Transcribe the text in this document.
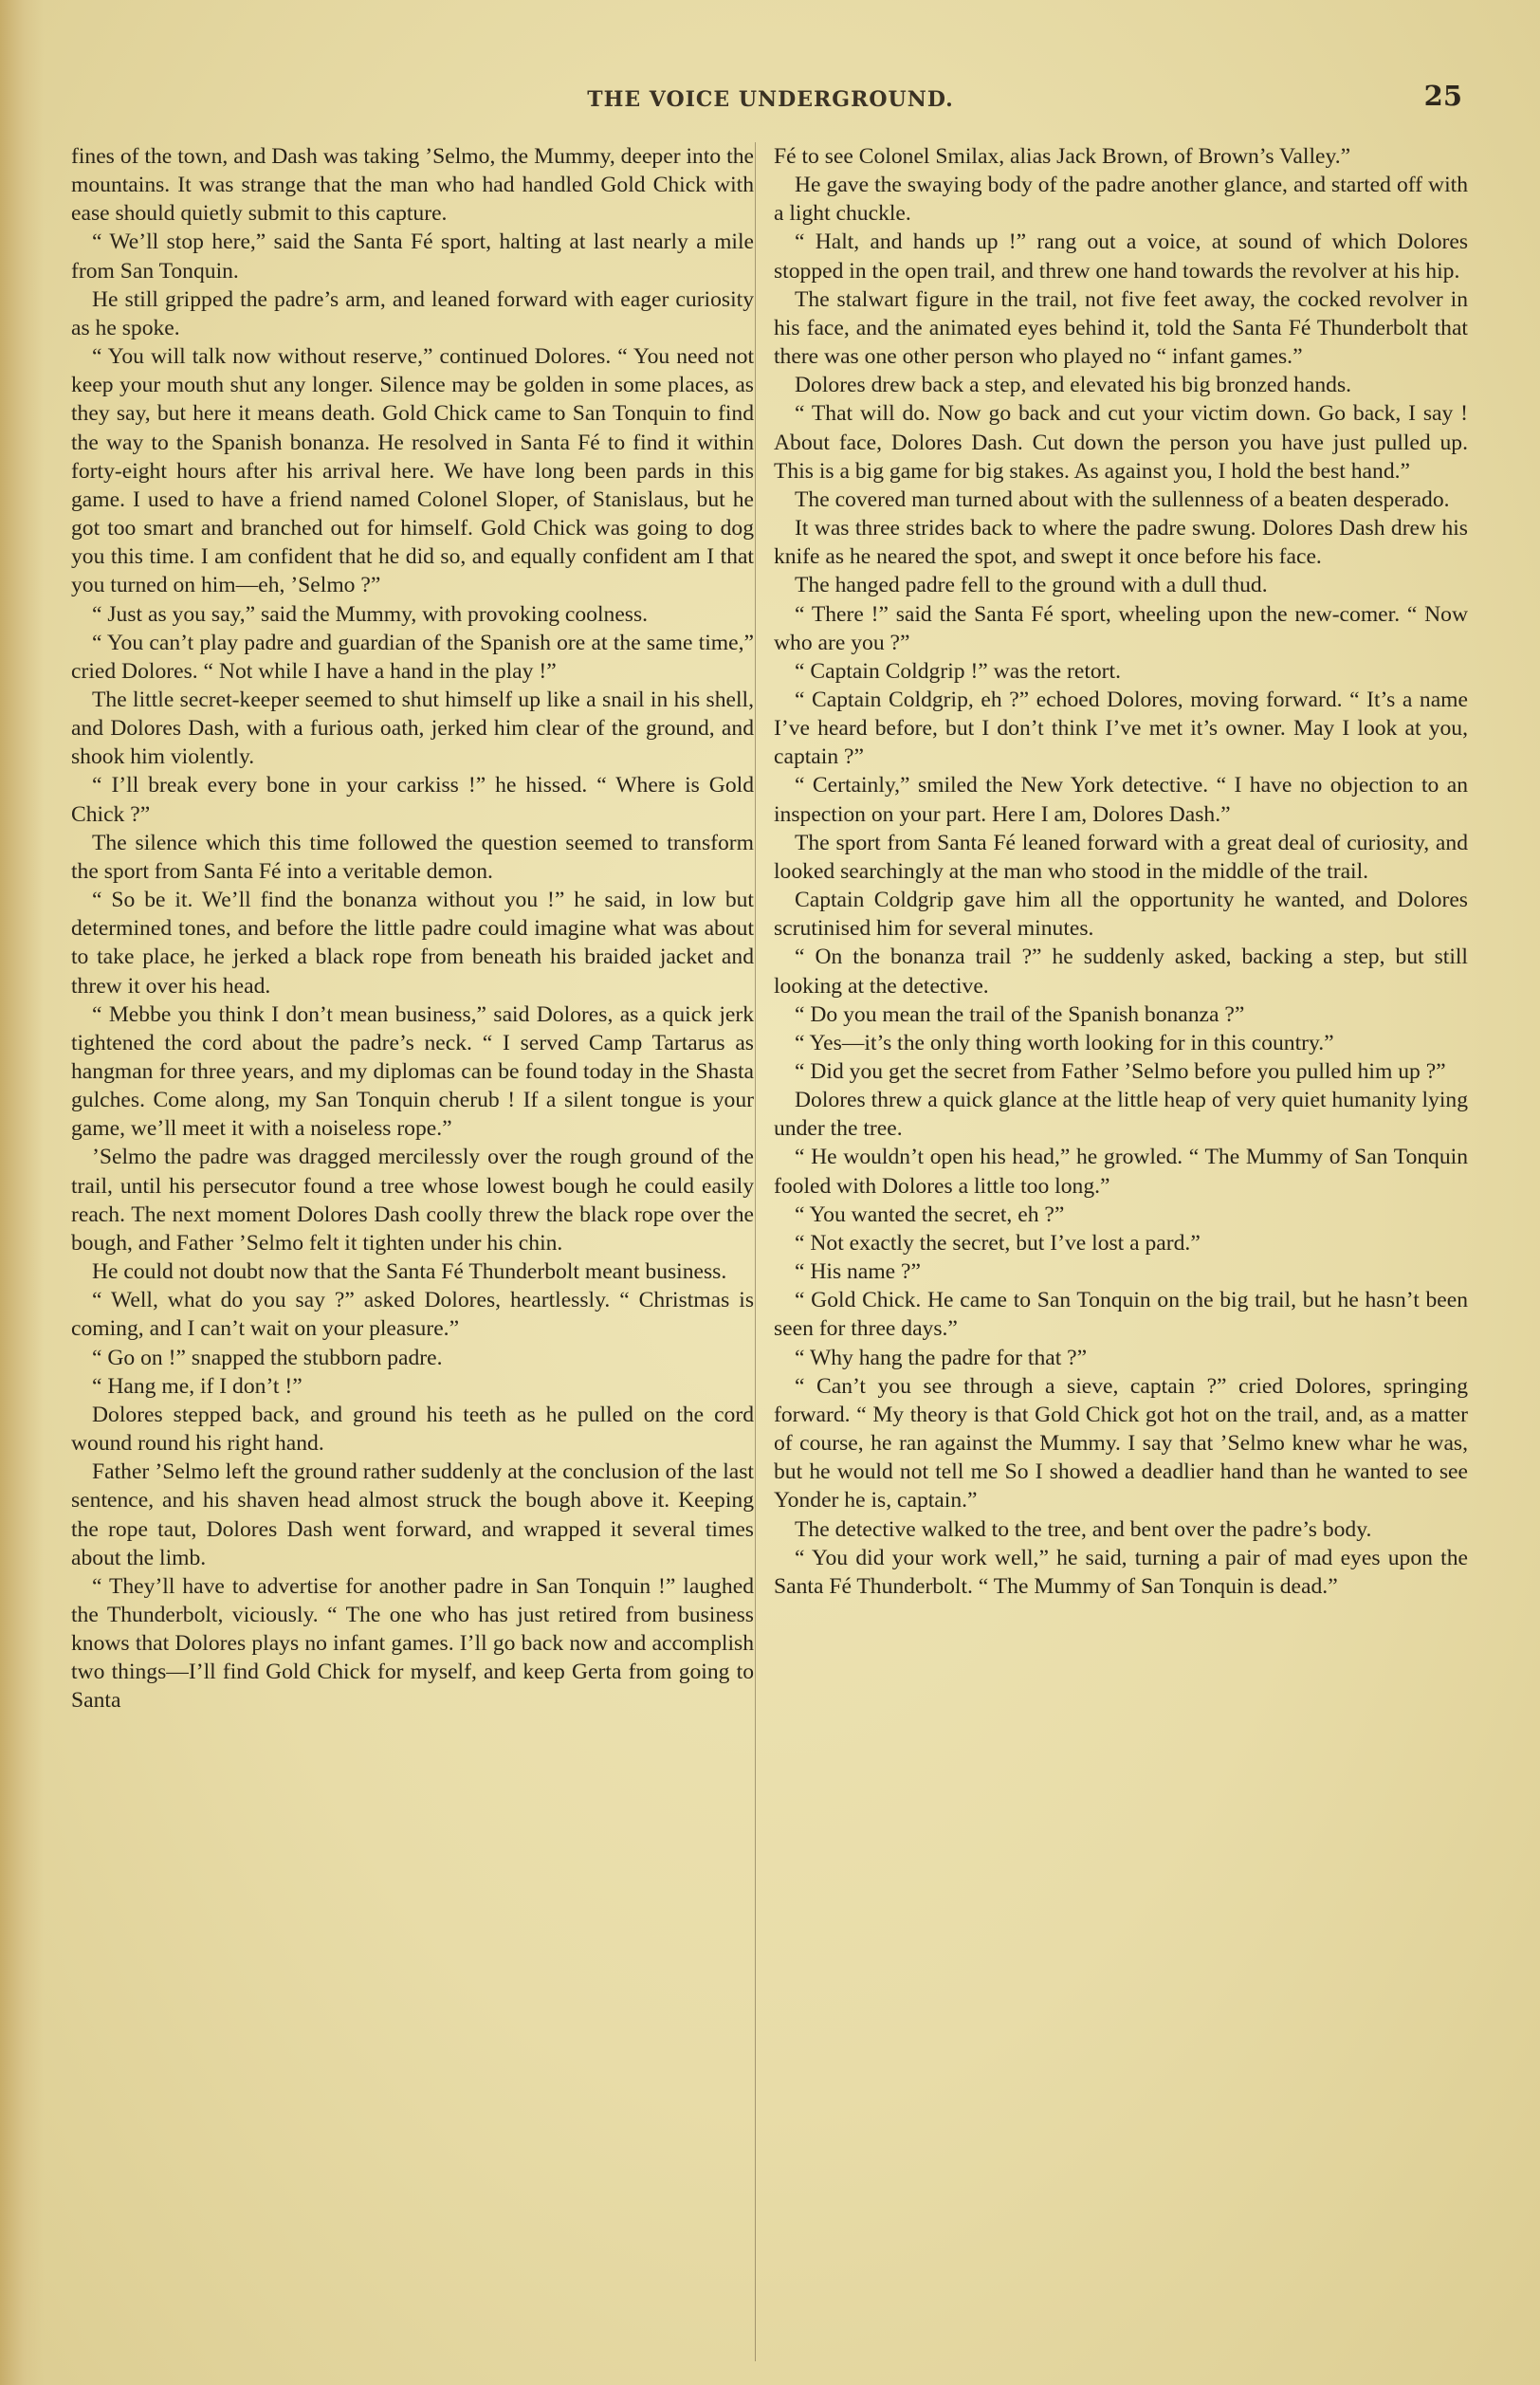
THE VOICE UNDERGROUND.	25

fines of the town, and Dash was taking ’Selmo, the Mummy, deeper into the mountains. It was strange that the man who had handled Gold Chick with ease should quietly submit to this capture.

“ We’ll stop here,” said the Santa Fé sport, halting at last nearly a mile from San Tonquin.

He still gripped the padre’s arm, and leaned forward with eager curiosity as he spoke.

“ You will talk now without reserve,” continued Dolores. “ You need not keep your mouth shut any longer. Silence may be golden in some places, as they say, but here it means death. Gold Chick came to San Tonquin to find the way to the Spanish bonanza. He resolved in Santa Fé to find it within forty-eight hours after his arrival here. We have long been pards in this game. I used to have a friend named Colonel Sloper, of Stanislaus, but he got too smart and branched out for himself. Gold Chick was going to dog you this time. I am confident that he did so, and equally confident am I that you turned on him—eh, ’Selmo ?”

“ Just as you say,” said the Mummy, with provoking coolness.

“ You can’t play padre and guardian of the Spanish ore at the same time,” cried Dolores. “ Not while I have a hand in the play !”

The little secret-keeper seemed to shut himself up like a snail in his shell, and Dolores Dash, with a furious oath, jerked him clear of the ground, and shook him violently.

“ I’ll break every bone in your carkiss !” he hissed. “ Where is Gold Chick ?”

The silence which this time followed the question seemed to transform the sport from Santa Fé into a veritable demon.

“ So be it. We’ll find the bonanza without you !” he said, in low but determined tones, and before the little padre could imagine what was about to take place, he jerked a black rope from beneath his braided jacket and threw it over his head.

“ Mebbe you think I don’t mean business,” said Dolores, as a quick jerk tightened the cord about the padre’s neck. “ I served Camp Tartarus as hangman for three years, and my diplomas can be found today in the Shasta gulches. Come along, my San Tonquin cherub ! If a silent tongue is your game, we’ll meet it with a noiseless rope.”

’Selmo the padre was dragged mercilessly over the rough ground of the trail, until his persecutor found a tree whose lowest bough he could easily reach. The next moment Dolores Dash coolly threw the black rope over the bough, and Father ’Selmo felt it tighten under his chin.

He could not doubt now that the Santa Fé Thunderbolt meant business.

“ Well, what do you say ?” asked Dolores, heartlessly. “ Christmas is coming, and I can’t wait on your pleasure.”

“ Go on !” snapped the stubborn padre.

“ Hang me, if I don’t !”

Dolores stepped back, and ground his teeth as he pulled on the cord wound round his right hand.

Father ’Selmo left the ground rather suddenly at the conclusion of the last sentence, and his shaven head almost struck the bough above it. Keeping the rope taut, Dolores Dash went forward, and wrapped it several times about the limb.

“ They’ll have to advertise for another padre in San Tonquin !” laughed the Thunderbolt, viciously. “ The one who has just retired from business knows that Dolores plays no infant games. I’ll go back now and accomplish two things—I’ll find Gold Chick for myself, and keep Gerta from going to Santa

Fé to see Colonel Smilax, alias Jack Brown, of Brown’s Valley.”

He gave the swaying body of the padre another glance, and started off with a light chuckle.

“ Halt, and hands up !” rang out a voice, at sound of which Dolores stopped in the open trail, and threw one hand towards the revolver at his hip.

The stalwart figure in the trail, not five feet away, the cocked revolver in his face, and the animated eyes behind it, told the Santa Fé Thunderbolt that there was one other person who played no “ infant games.”

Dolores drew back a step, and elevated his big bronzed hands.

“ That will do. Now go back and cut your victim down. Go back, I say ! About face, Dolores Dash. Cut down the person you have just pulled up. This is a big game for big stakes. As against you, I hold the best hand.”

The covered man turned about with the sullenness of a beaten desperado.

It was three strides back to where the padre swung. Dolores Dash drew his knife as he neared the spot, and swept it once before his face.

The hanged padre fell to the ground with a dull thud.

“ There !” said the Santa Fé sport, wheeling upon the new-comer. “ Now who are you ?”

“ Captain Coldgrip !” was the retort.

“ Captain Coldgrip, eh ?” echoed Dolores, moving forward. “ It’s a name I’ve heard before, but I don’t think I’ve met it’s owner. May I look at you, captain ?”

“ Certainly,” smiled the New York detective. “ I have no objection to an inspection on your part. Here I am, Dolores Dash.”

The sport from Santa Fé leaned forward with a great deal of curiosity, and looked searchingly at the man who stood in the middle of the trail.

Captain Coldgrip gave him all the opportunity he wanted, and Dolores scrutinised him for several minutes.

“ On the bonanza trail ?” he suddenly asked, backing a step, but still looking at the detective.

“ Do you mean the trail of the Spanish bonanza ?”

“ Yes—it’s the only thing worth looking for in this country.”

“ Did you get the secret from Father ’Selmo before you pulled him up ?”

Dolores threw a quick glance at the little heap of very quiet humanity lying under the tree.

“ He wouldn’t open his head,” he growled. “ The Mummy of San Tonquin fooled with Dolores a little too long.”

“ You wanted the secret, eh ?”

“ Not exactly the secret, but I’ve lost a pard.”

“ His name ?”

“ Gold Chick. He came to San Tonquin on the big trail, but he hasn’t been seen for three days.”

“ Why hang the padre for that ?”

“ Can’t you see through a sieve, captain ?” cried Dolores, springing forward. “ My theory is that Gold Chick got hot on the trail, and, as a matter of course, he ran against the Mummy. I say that ’Selmo knew whar he was, but he would not tell me So I showed a deadlier hand than he wanted to see Yonder he is, captain.”

The detective walked to the tree, and bent over the padre’s body.

“ You did your work well,” he said, turning a pair of mad eyes upon the Santa Fé Thunderbolt. “ The Mummy of San Tonquin is dead.”
